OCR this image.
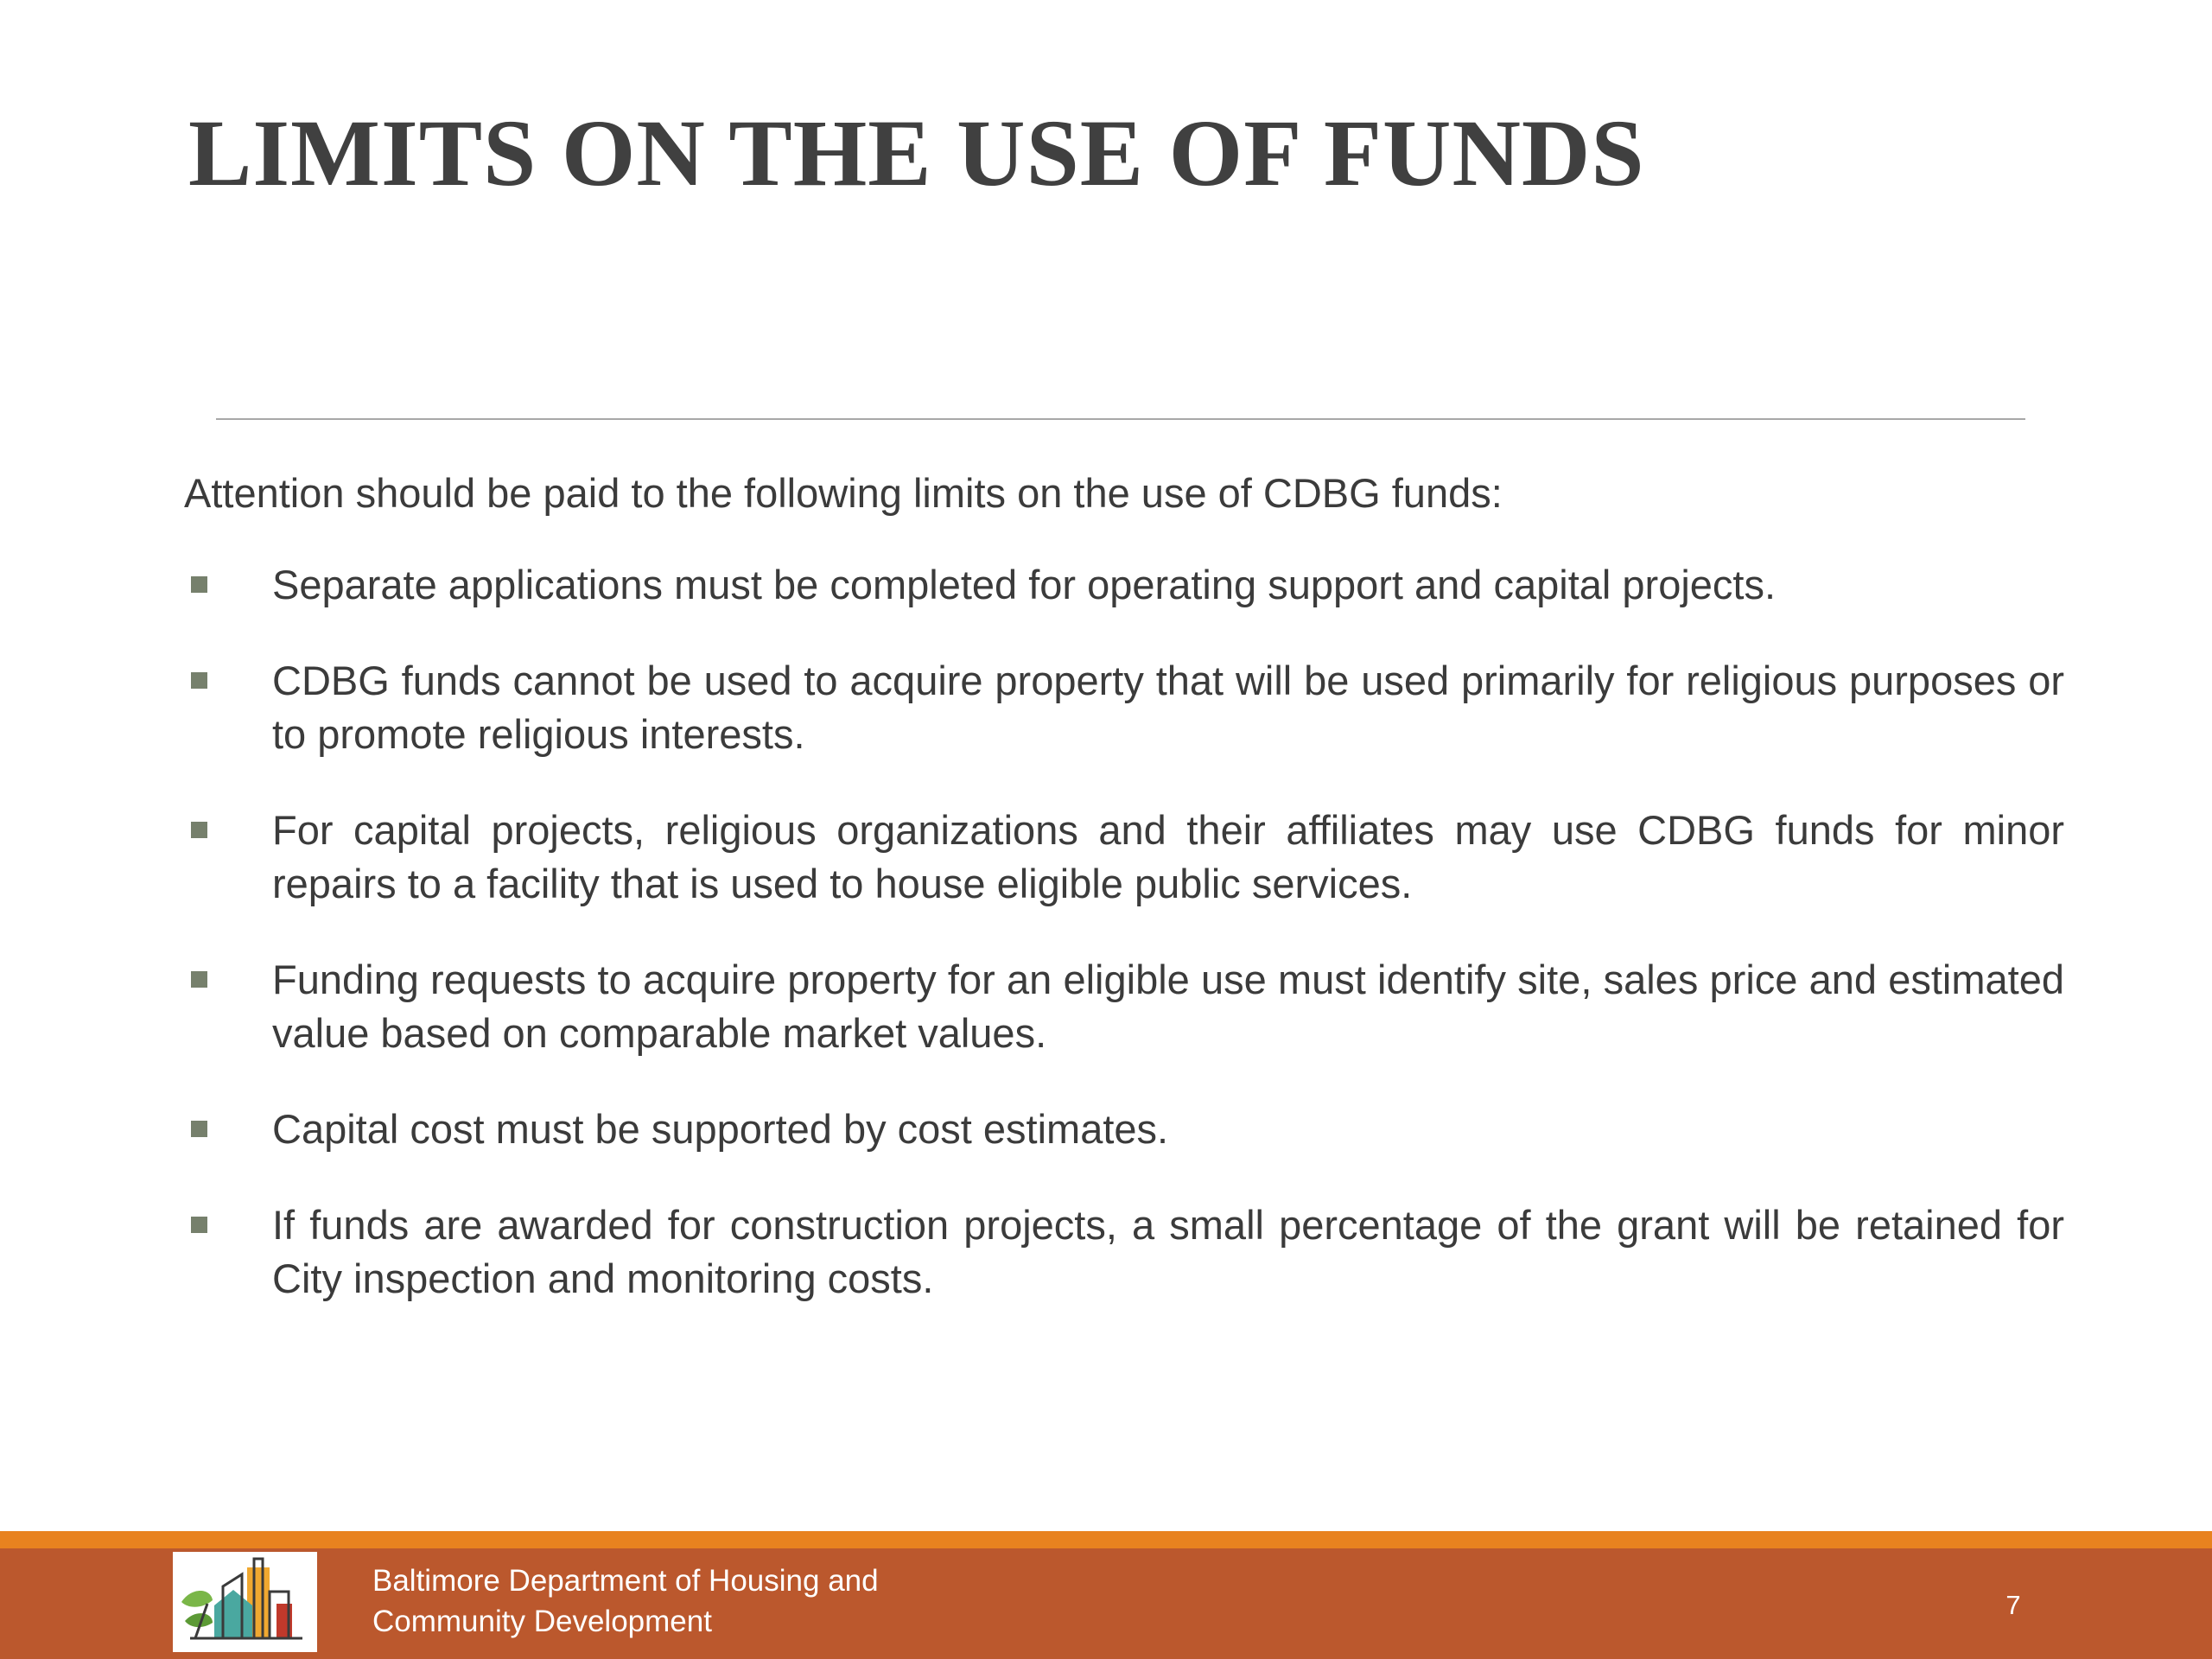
LIMITS ON THE USE OF FUNDS

Attention should be paid to the following limits on the use of CDBG funds:

Separate applications must be completed for operating support and capital projects.
CDBG funds cannot be used to acquire property that will be used primarily for religious purposes or to promote religious interests.
For capital projects, religious organizations and their affiliates may use CDBG funds for minor repairs to a facility that is used to house eligible public services.
Funding requests to acquire property for an eligible use must identify site, sales price and estimated value based on comparable market values.
Capital cost must be supported by cost estimates.
If funds are awarded for construction projects, a small percentage of the grant will be retained for City inspection and monitoring costs.
Baltimore Department of Housing and
Community Development	7
